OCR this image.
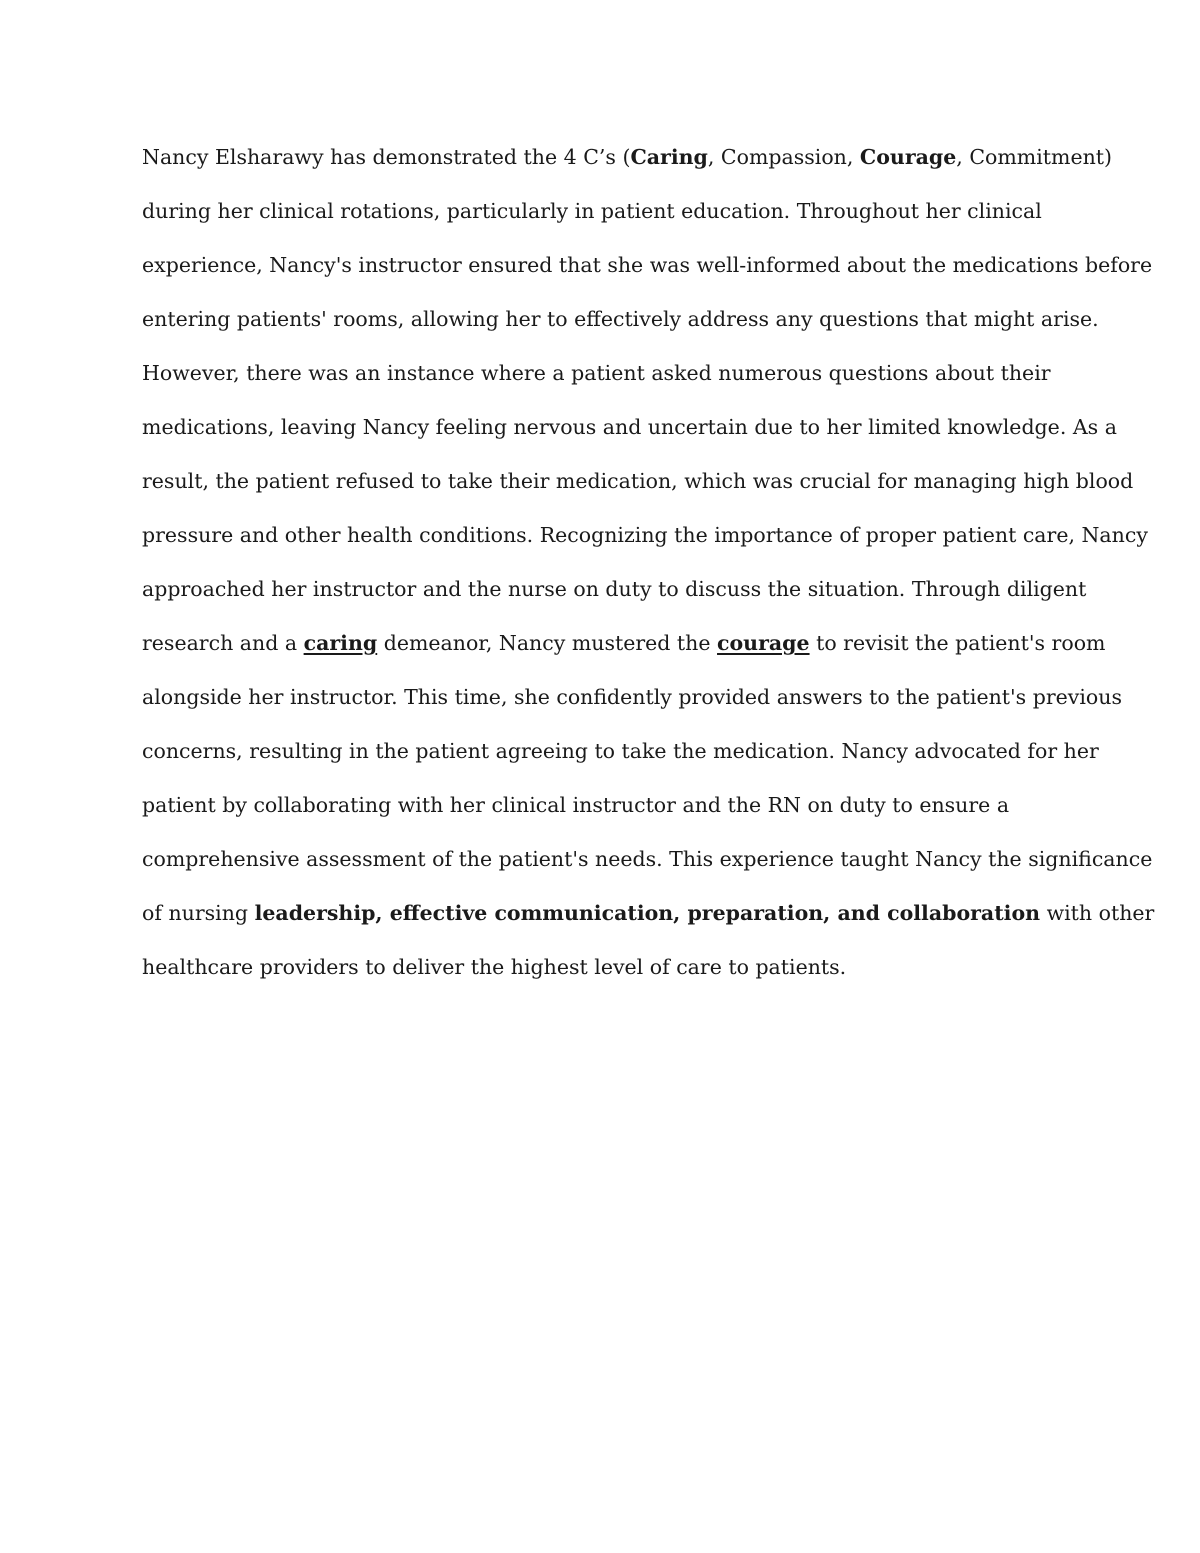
Nancy Elsharawy has demonstrated the 4 C’s (Caring, Compassion, Courage, Commitment)
during her clinical rotations, particularly in patient education. Throughout her clinical
experience, Nancy's instructor ensured that she was well-informed about the medications before
entering patients' rooms, allowing her to effectively address any questions that might arise.
However, there was an instance where a patient asked numerous questions about their
medications, leaving Nancy feeling nervous and uncertain due to her limited knowledge. As a
result, the patient refused to take their medication, which was crucial for managing high blood
pressure and other health conditions. Recognizing the importance of proper patient care, Nancy
approached her instructor and the nurse on duty to discuss the situation. Through diligent
research and a caring demeanor, Nancy mustered the courage to revisit the patient's room
alongside her instructor. This time, she confidently provided answers to the patient's previous
concerns, resulting in the patient agreeing to take the medication. Nancy advocated for her
patient by collaborating with her clinical instructor and the RN on duty to ensure a
comprehensive assessment of the patient's needs. This experience taught Nancy the significance
of nursing leadership, effective communication, preparation, and collaboration with other
healthcare providers to deliver the highest level of care to patients.
